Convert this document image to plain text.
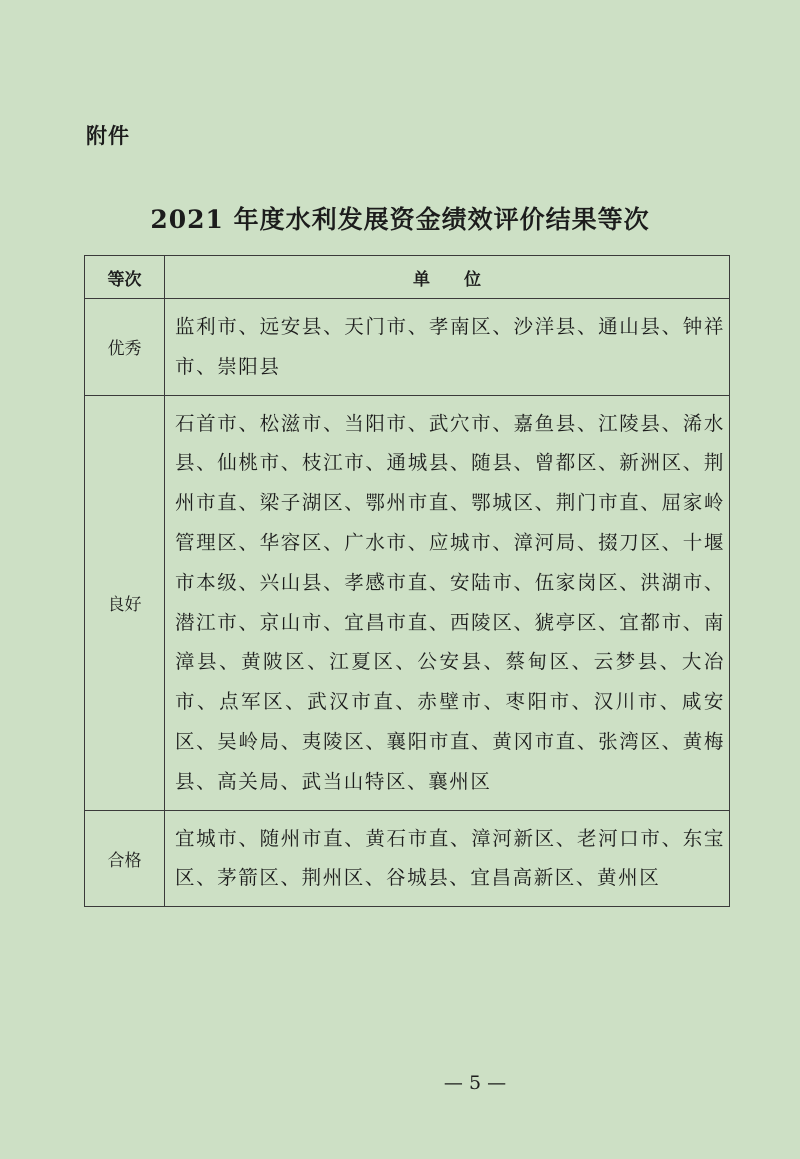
附件
2021 年度水利发展资金绩效评价结果等次
等次	单位
优秀	监利市、远安县、天门市、孝南区、沙洋县、通山县、钟祥市、崇阳县
良好	石首市、松滋市、当阳市、武穴市、嘉鱼县、江陵县、浠水县、仙桃市、枝江市、通城县、随县、曾都区、新洲区、荆州市直、梁子湖区、鄂州市直、鄂城区、荆门市直、屈家岭管理区、华容区、广水市、应城市、漳河局、掇刀区、十堰市本级、兴山县、孝感市直、安陆市、伍家岗区、洪湖市、潜江市、京山市、宜昌市直、西陵区、猇亭区、宜都市、南漳县、黄陂区、江夏区、公安县、蔡甸区、云梦县、大冶市、点军区、武汉市直、赤壁市、枣阳市、汉川市、咸安区、吴岭局、夷陵区、襄阳市直、黄冈市直、张湾区、黄梅县、高关局、武当山特区、襄州区
合格	宜城市、随州市直、黄石市直、漳河新区、老河口市、东宝区、茅箭区、荆州区、谷城县、宜昌高新区、黄州区
— 5 —
